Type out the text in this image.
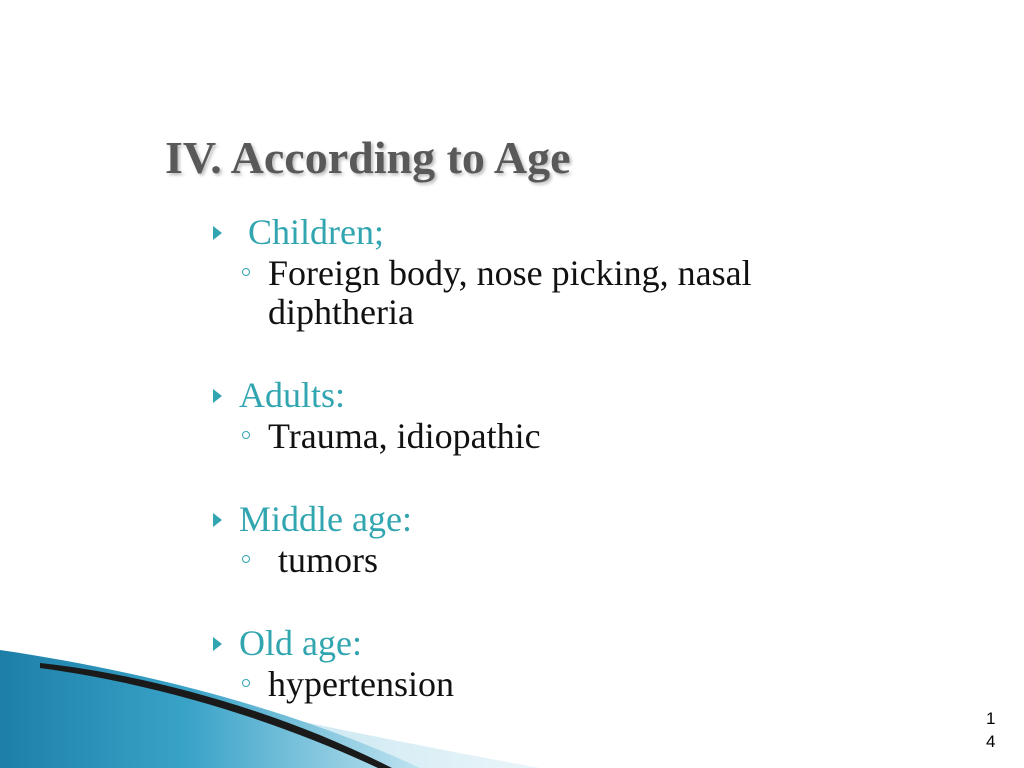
IV. According to Age
Children;
Foreign body, nose picking, nasal
diphtheria
Adults:
Trauma, idiopathic
Middle age:
tumors
Old age:
hypertension
1
4
